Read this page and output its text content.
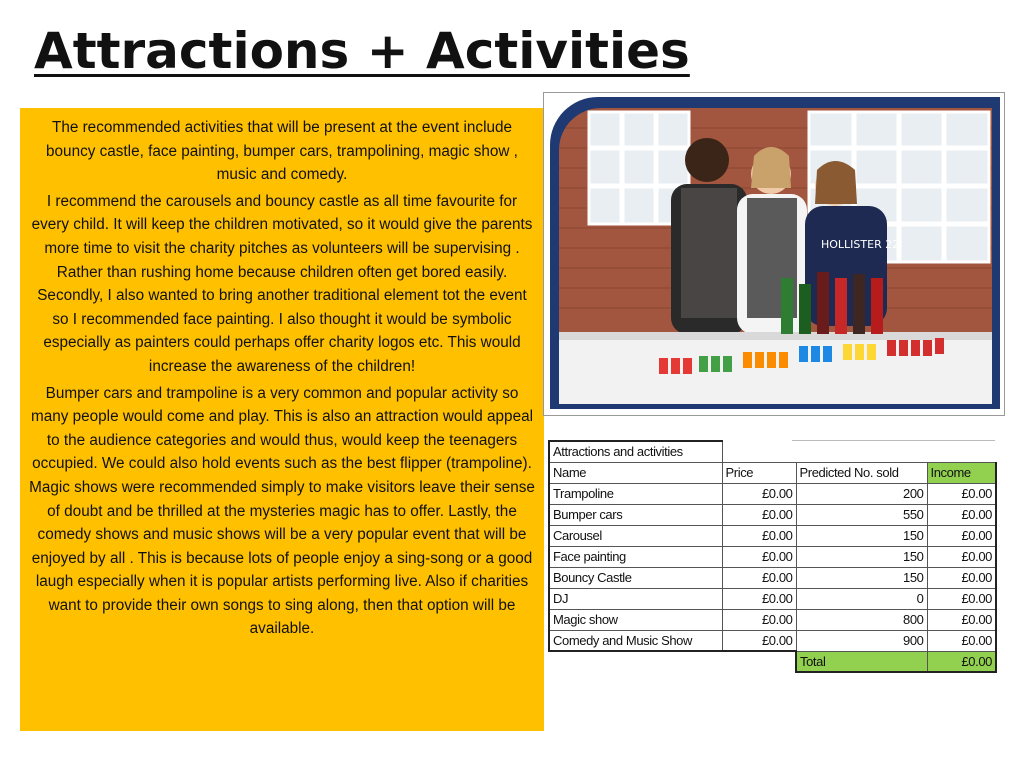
Attractions + Activities

The recommended activities that will be present at the event include bouncy castle, face painting, bumper cars, trampolining, magic show , music and comedy.

I recommend the carousels and bouncy castle as all time favourite for every child. It will keep the children motivated, so it would give the parents more time to visit the charity pitches as volunteers will be supervising . Rather than rushing home because children often get bored easily. Secondly, I also wanted to bring another traditional element tot the event so I recommended face painting. I also thought it would be symbolic especially as painters could perhaps offer charity logos etc. This would increase the awareness of the children!

Bumper cars and trampoline is a very common and popular activity so many people would come and play. This is also an attraction would appeal to the audience categories and would thus, would keep the teenagers occupied. We could also hold events such as the best flipper (trampoline). Magic shows were recommended simply to make visitors leave their sense of doubt and be thrilled at the mysteries magic has to offer. Lastly, the comedy shows and music shows will be a very popular event that will be enjoyed by all . This is because lots of people enjoy a sing-song or a good laugh especially when it is popular artists performing live. Also if charities want to provide their own songs to sing along, then that option will be available.

HOLLISTER 22
Attractions and activities			
Name	Price	Predicted No. sold	Income
Trampoline	£0.00	200	£0.00
Bumper cars	£0.00	550	£0.00
Carousel	£0.00	150	£0.00
Face painting	£0.00	150	£0.00
Bouncy Castle	£0.00	150	£0.00
DJ	£0.00	0	£0.00
Magic show	£0.00	800	£0.00
Comedy and Music Show	£0.00	900	£0.00
		Total	£0.00
